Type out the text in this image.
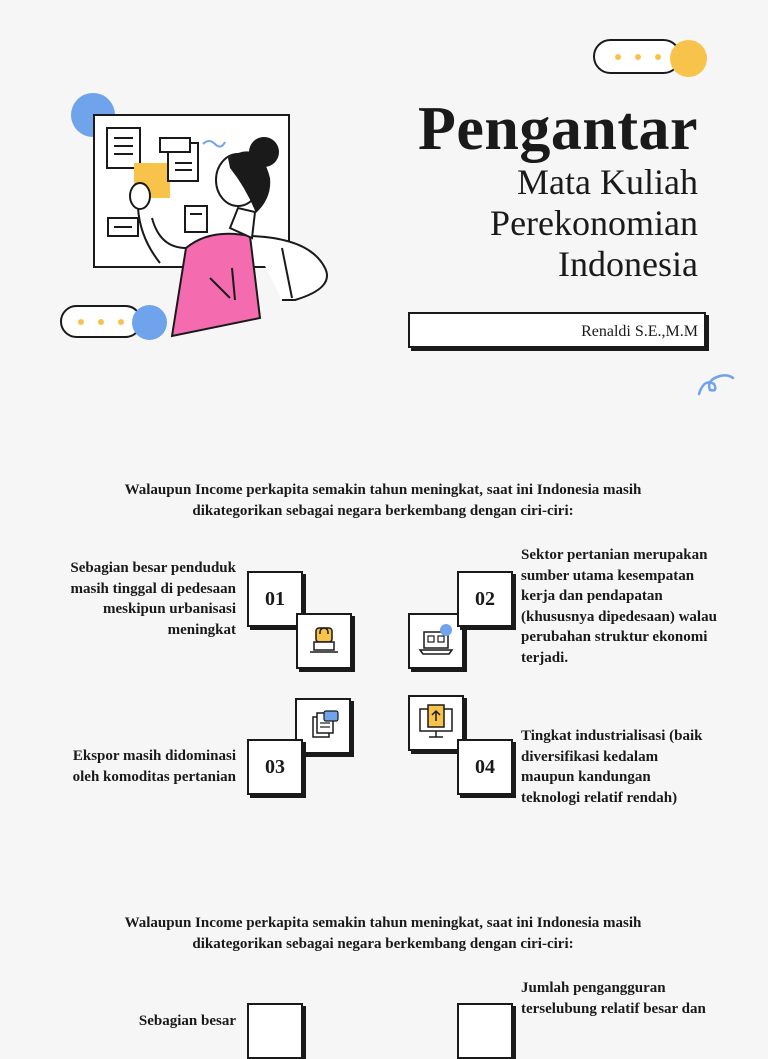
Pengantar
Mata Kuliah
Perekonomian
Indonesia
Renaldi S.E.,M.M
Walaupun Income perkapita semakin tahun meningkat, saat ini Indonesia masih
dikategorikan sebagai negara berkembang dengan ciri-ciri:
Sebagian besar penduduk
masih tinggal di pedesaan
meskipun urbanisasi
meningkat
01	02
Sektor pertanian merupakan
sumber utama kesempatan
kerja dan pendapatan
(khususnya dipedesaan) walau
perubahan struktur ekonomi
terjadi.
03
Ekspor masih didominasi
oleh komoditas pertanian	04
Tingkat industrialisasi (baik
diversifikasi kedalam
maupun kandungan
teknologi relatif rendah)
Walaupun Income perkapita semakin tahun meningkat, saat ini Indonesia masih
dikategorikan sebagai negara berkembang dengan ciri-ciri:
Sebagian besar
Jumlah pengangguran
terselubung relatif besar dan
